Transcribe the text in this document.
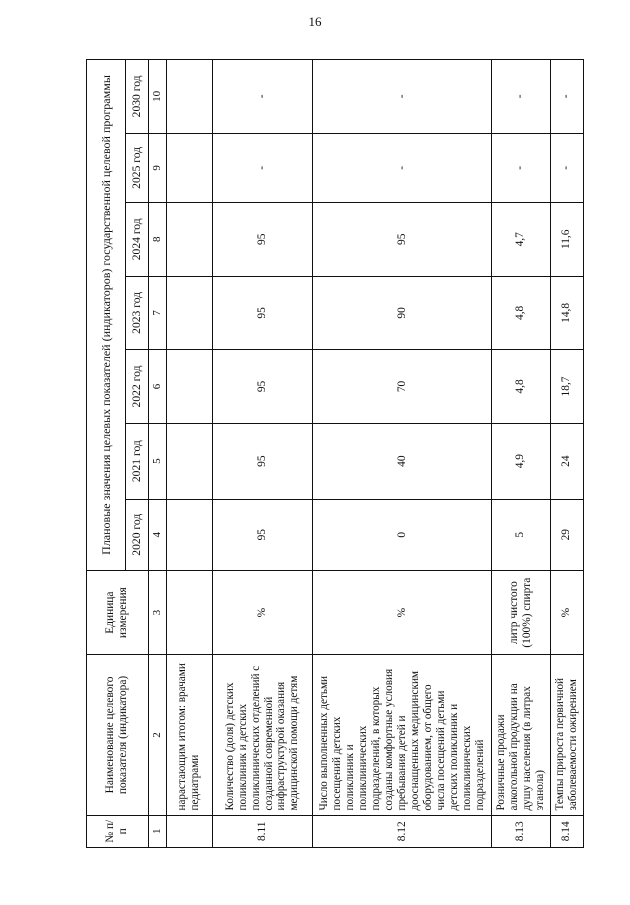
16
№ п/п	Наименование целевого показателя (индикатора)	Единица измерения	Плановые значения целевых показателей (индикаторов) государственной целевой программы						
			2020 год	2021 год	2022 год	2023 год	2024 год	2025 год	2030 год
1	2	3	4	5	6	7	8	9	10
	нарастающим итогом: врачами педиатрами								
8.11	Количество (доля) детских поликлиник и детских поликлинических отделений с созданной современной инфраструктурой оказания медицинской помощи детям	%	95	95	95	95	95	-	-
8.12	Число выполненных детьми посещений детских поликлиник и поликлинических подразделений, в которых созданы комфортные условия пребывания детей и дооснащенных медицинским оборудованием, от общего числа посещений детьми детских поликлиник и поликлинических подразделений	%	0	40	70	90	95	-	-
8.13	Розничные продажи алкогольной продукции на душу населения (в литрах этанола)	литр чистого (100%) спирта	5	4,9	4,8	4,8	4,7	-	-
8.14	Темпы прироста первичной заболеваемости ожирением	%	29	24	18,7	14,8	11,6	-	-
